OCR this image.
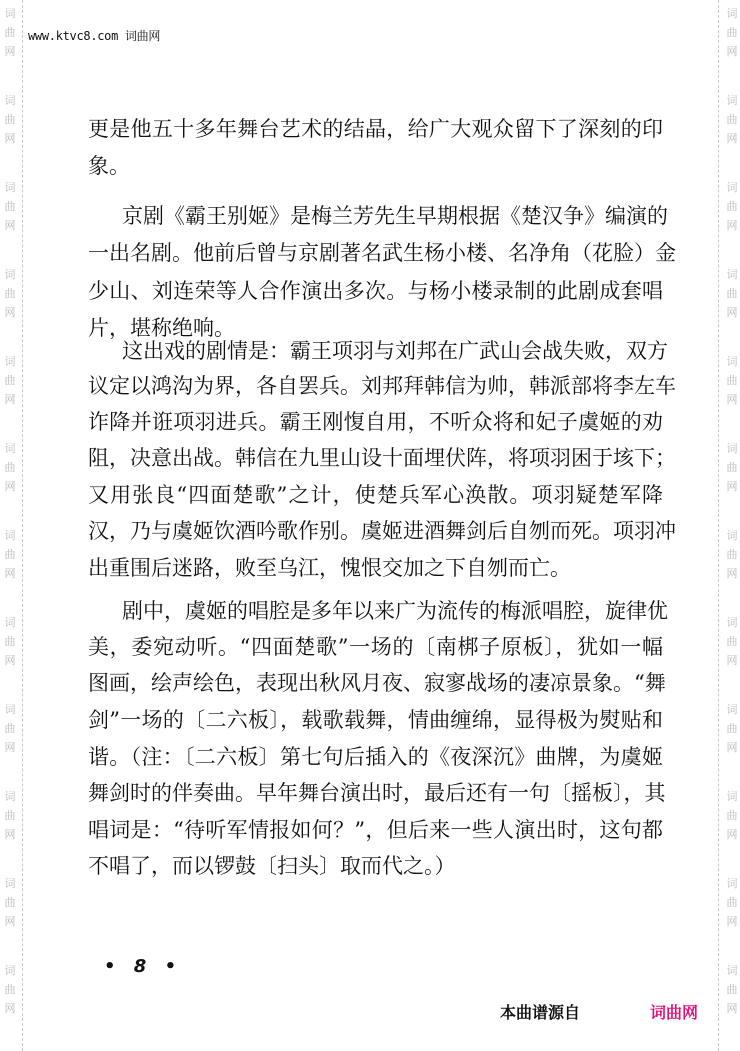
词
曲
网
词
曲
网
词
曲
网
词
曲
网
词
曲
网
词
曲
网
词
曲
网
词
曲
网
词
曲
网
词
曲
网
词
曲
网
词
曲
网
词
曲
网
词
曲
网
词
曲
网
词
曲
网
词
曲
网
词
曲
网
词
曲
网
词
曲
网
词
曲
网
词
曲
网
词
曲
网
词
曲
网
www.ktvc8.com 词曲网
更是他五十多年舞台艺术的结晶，给广大观众留下了深刻的印
象。
京剧《霸王别姬》是梅兰芳先生早期根据《楚汉争》编演的
一出名剧。他前后曾与京剧著名武生杨小楼、名净角（花脸）金
少山、刘连荣等人合作演出多次。与杨小楼录制的此剧成套唱
片，堪称绝响。
这出戏的剧情是：霸王项羽与刘邦在广武山会战失败，双方
议定以鸿沟为界，各自罢兵。刘邦拜韩信为帅，韩派部将李左车
诈降并诳项羽进兵。霸王刚愎自用，不听众将和妃子虞姬的劝
阻，决意出战。韩信在九里山设十面埋伏阵，将项羽困于垓下；
又用张良“四面楚歌”之计，使楚兵军心涣散。项羽疑楚军降
汉，乃与虞姬饮酒吟歌作别。虞姬进酒舞剑后自刎而死。项羽冲
出重围后迷路，败至乌江，愧恨交加之下自刎而亡。
剧中，虞姬的唱腔是多年以来广为流传的梅派唱腔，旋律优
美，委宛动听。“四面楚歌”一场的〔南梆子原板〕，犹如一幅
图画，绘声绘色，表现出秋风月夜、寂寥战场的凄凉景象。“舞
剑”一场的〔二六板〕，载歌载舞，情曲缠绵，显得极为熨贴和
谐。（注：〔二六板〕第七句后插入的《夜深沉》曲牌，为虞姬
舞剑时的伴奏曲。早年舞台演出时，最后还有一句〔摇板〕，其
唱词是：“待听军情报如何？”，但后来一些人演出时，这句都
不唱了，而以锣鼓〔扫头〕取而代之。）
• 8 •
本曲谱源自	词曲网
